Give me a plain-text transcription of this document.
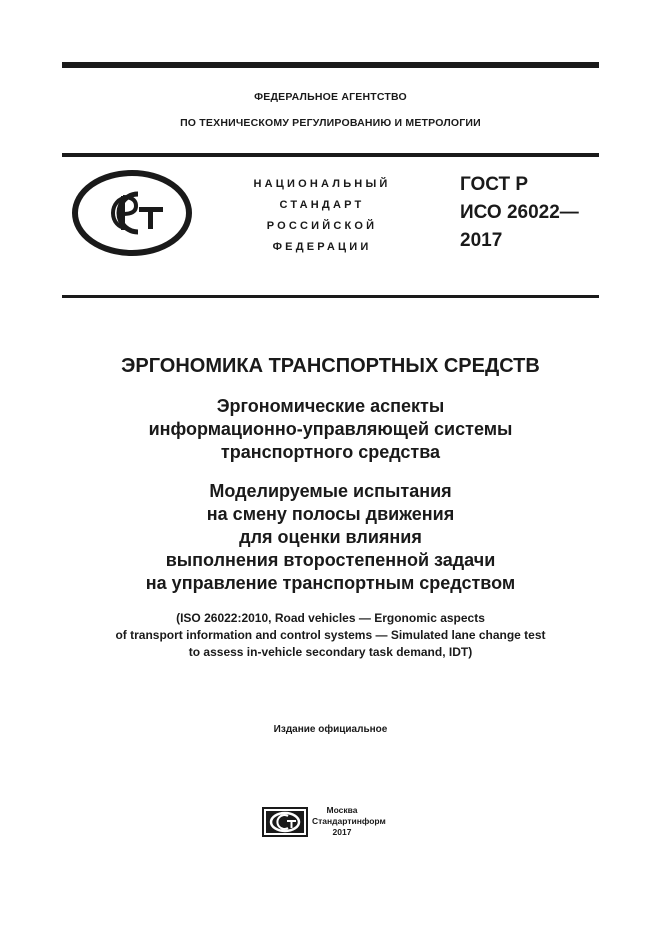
ФЕДЕРАЛЬНОЕ АГЕНТСТВО
ПО ТЕХНИЧЕСКОМУ РЕГУЛИРОВАНИЮ И МЕТРОЛОГИИ
НАЦИОНАЛЬНЫЙ
СТАНДАРТ
РОССИЙСКОЙ
ФЕДЕРАЦИИ
ГОСТ Р
ИСО 26022—
2017
ЭРГОНОМИКА ТРАНСПОРТНЫХ СРЕДСТВ
Эргономические аспекты
информационно-управляющей системы
транспортного средства
Моделируемые испытания
на смену полосы движения
для оценки влияния
выполнения второстепенной задачи
на управление транспортным средством
(ISO 26022:2010, Road vehicles — Ergonomic aspects
of transport information and control systems — Simulated lane change test
to assess in-vehicle secondary task demand, IDT)
Издание официальное
Москва
Стандартинформ
2017
